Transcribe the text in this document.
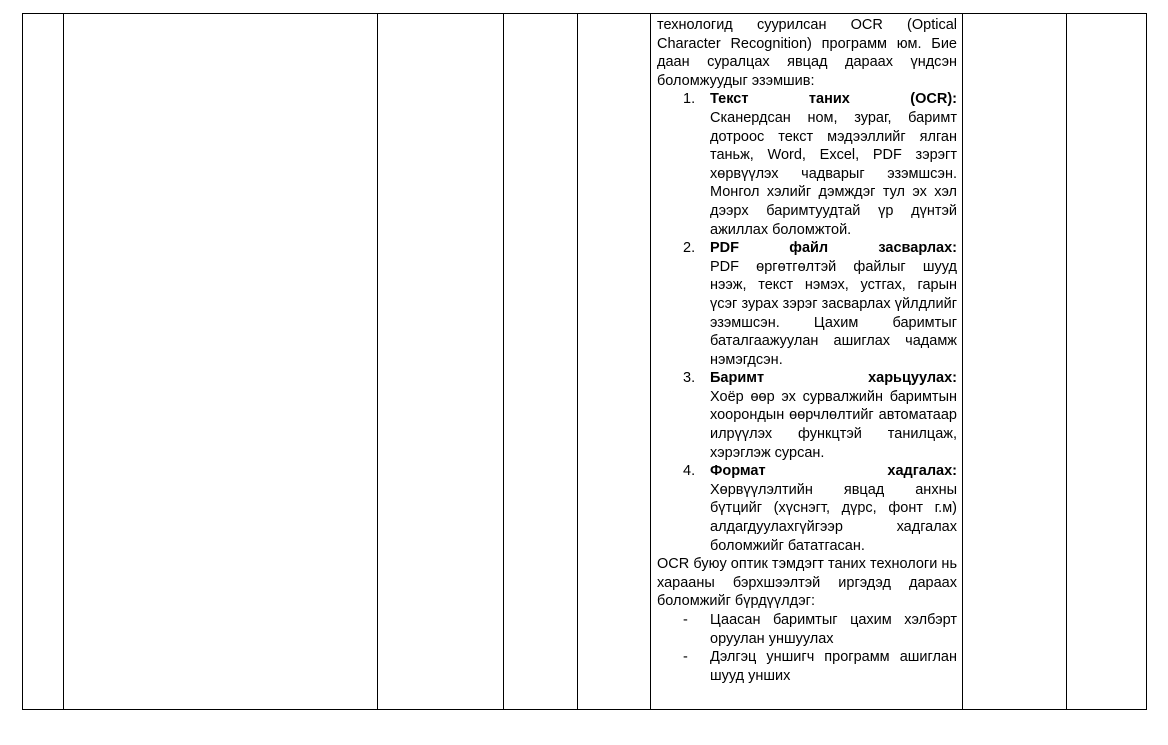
технологид суурилсан OCR (Optical Character Recognition) программ юм. Бие даан суралцах явцад дараах үндсэн боломжуудыг эзэмшив:

1. Текст таних (OCR):
Сканердсан ном, зураг, баримт дотроос текст мэдээллийг ялган таньж, Word, Excel, PDF зэрэгт хөрвүүлэх чадварыг эзэмшсэн. Монгол хэлийг дэмждэг тул эх хэл дээрх баримтуудтай үр дүнтэй ажиллах боломжтой.
2. PDF файл засварлах:
PDF өргөтгөлтэй файлыг шууд нээж, текст нэмэх, устгах, гарын үсэг зурах зэрэг засварлах үйлдлийг эзэмшсэн. Цахим баримтыг баталгаажуулан ашиглах чадамж нэмэгдсэн.
3. Баримт харьцуулах:
Хоёр өөр эх сурвалжийн баримтын хоорондын өөрчлөлтийг автоматаар илрүүлэх функцтэй танилцаж, хэрэглэж сурсан.
4. Формат хадгалах:
Хөрвүүлэлтийн явцад анхны бүтцийг (хүснэгт, дүрс, фонт г.м) алдагдуулахгүйгээр хадгалах боломжийг бататгасан.

OCR буюу оптик тэмдэгт таних технологи нь харааны бэрхшээлтэй иргэдэд дараах боломжийг бүрдүүлдэг:

- Цаасан баримтыг цахим хэлбэрт оруулан уншуулах
- Дэлгэц уншигч программ ашиглан шууд унших
